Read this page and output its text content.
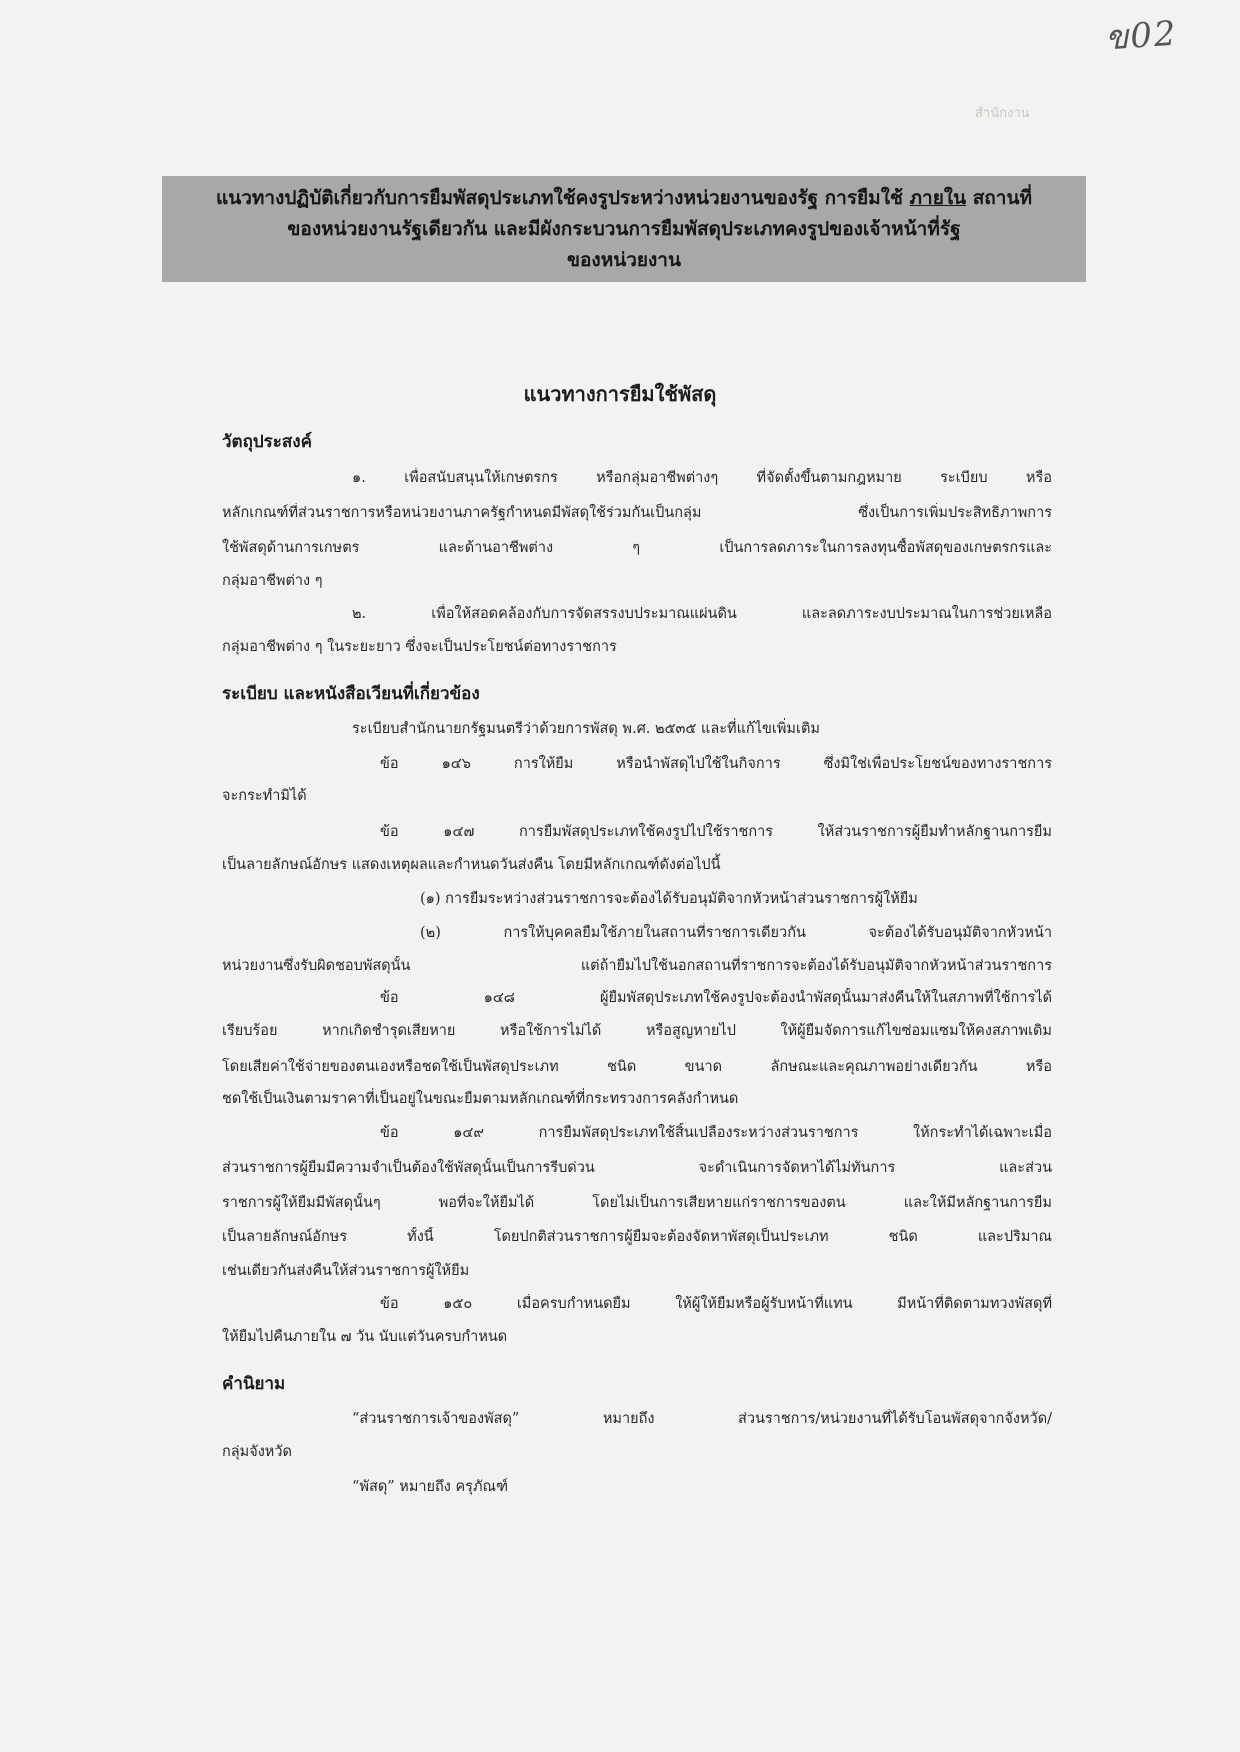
ข02
สำนักงาน
แนวทางปฏิบัติเกี่ยวกับการยืมพัสดุประเภทใช้คงรูประหว่างหน่วยงานของรัฐ การยืมใช้ ภายใน สถานที่
ของหน่วยงานรัฐเดียวกัน และมีผังกระบวนการยืมพัสดุประเภทคงรูปของเจ้าหน้าที่รัฐ
ของหน่วยงาน
แนวทางการยืมใช้พัสดุ
วัตถุประสงค์
๑. เพื่อสนับสนุนให้เกษตรกร หรือกลุ่มอาชีพต่างๆ ที่จัดตั้งขึ้นตามกฎหมาย ระเบียบ หรือ
หลักเกณฑ์ที่ส่วนราชการหรือหน่วยงานภาครัฐกำหนดมีพัสดุใช้ร่วมกันเป็นกลุ่ม ซึ่งเป็นการเพิ่มประสิทธิภาพการ
ใช้พัสดุด้านการเกษตร และด้านอาชีพต่าง ๆ เป็นการลดภาระในการลงทุนซื้อพัสดุของเกษตรกรและ
กลุ่มอาชีพต่าง ๆ
๒. เพื่อให้สอดคล้องกับการจัดสรรงบประมาณแผ่นดิน และลดภาระงบประมาณในการช่วยเหลือ
กลุ่มอาชีพต่าง ๆ ในระยะยาว ซึ่งจะเป็นประโยชน์ต่อทางราชการ
ระเบียบ และหนังสือเวียนที่เกี่ยวข้อง
ระเบียบสำนักนายกรัฐมนตรีว่าด้วยการพัสดุ พ.ศ. ๒๕๓๕ และที่แก้ไขเพิ่มเติม
ข้อ ๑๔๖ การให้ยืม หรือนำพัสดุไปใช้ในกิจการ ซึ่งมิใช่เพื่อประโยชน์ของทางราชการ
จะกระทำมิได้
ข้อ ๑๔๗ การยืมพัสดุประเภทใช้คงรูปไปใช้ราชการ ให้ส่วนราชการผู้ยืมทำหลักฐานการยืม
เป็นลายลักษณ์อักษร แสดงเหตุผลและกำหนดวันส่งคืน โดยมีหลักเกณฑ์ดังต่อไปนี้
(๑) การยืมระหว่างส่วนราชการจะต้องได้รับอนุมัติจากหัวหน้าส่วนราชการผู้ให้ยืม
(๒) การให้บุคคลยืมใช้ภายในสถานที่ราชการเดียวกัน จะต้องได้รับอนุมัติจากหัวหน้า
หน่วยงานซึ่งรับผิดชอบพัสดุนั้น แต่ถ้ายืมไปใช้นอกสถานที่ราชการจะต้องได้รับอนุมัติจากหัวหน้าส่วนราชการ
ข้อ ๑๔๘ ผู้ยืมพัสดุประเภทใช้คงรูปจะต้องนำพัสดุนั้นมาส่งคืนให้ในสภาพที่ใช้การได้
เรียบร้อย หากเกิดชำรุดเสียหาย หรือใช้การไม่ได้ หรือสูญหายไป ให้ผู้ยืมจัดการแก้ไขซ่อมแซมให้คงสภาพเดิม
โดยเสียค่าใช้จ่ายของตนเองหรือชดใช้เป็นพัสดุประเภท ชนิด ขนาด ลักษณะและคุณภาพอย่างเดียวกัน หรือ
ชดใช้เป็นเงินตามราคาที่เป็นอยู่ในขณะยืมตามหลักเกณฑ์ที่กระทรวงการคลังกำหนด
ข้อ ๑๔๙ การยืมพัสดุประเภทใช้สิ้นเปลืองระหว่างส่วนราชการ ให้กระทำได้เฉพาะเมื่อ
ส่วนราชการผู้ยืมมีความจำเป็นต้องใช้พัสดุนั้นเป็นการรีบด่วน จะดำเนินการจัดหาได้ไม่ทันการ และส่วน
ราชการผู้ให้ยืมมีพัสดุนั้นๆ พอที่จะให้ยืมได้ โดยไม่เป็นการเสียหายแก่ราชการของตน และให้มีหลักฐานการยืม
เป็นลายลักษณ์อักษร ทั้งนี้ โดยปกติส่วนราชการผู้ยืมจะต้องจัดหาพัสดุเป็นประเภท ชนิด และปริมาณ
เช่นเดียวกันส่งคืนให้ส่วนราชการผู้ให้ยืม
ข้อ ๑๕๐ เมื่อครบกำหนดยืม ให้ผู้ให้ยืมหรือผู้รับหน้าที่แทน มีหน้าที่ติดตามทวงพัสดุที่
ให้ยืมไปคืนภายใน ๗ วัน นับแต่วันครบกำหนด
คำนิยาม
“ส่วนราชการเจ้าของพัสดุ” หมายถึง ส่วนราชการ/หน่วยงานที่ได้รับโอนพัสดุจากจังหวัด/
กลุ่มจังหวัด
“พัสดุ” หมายถึง ครุภัณฑ์
